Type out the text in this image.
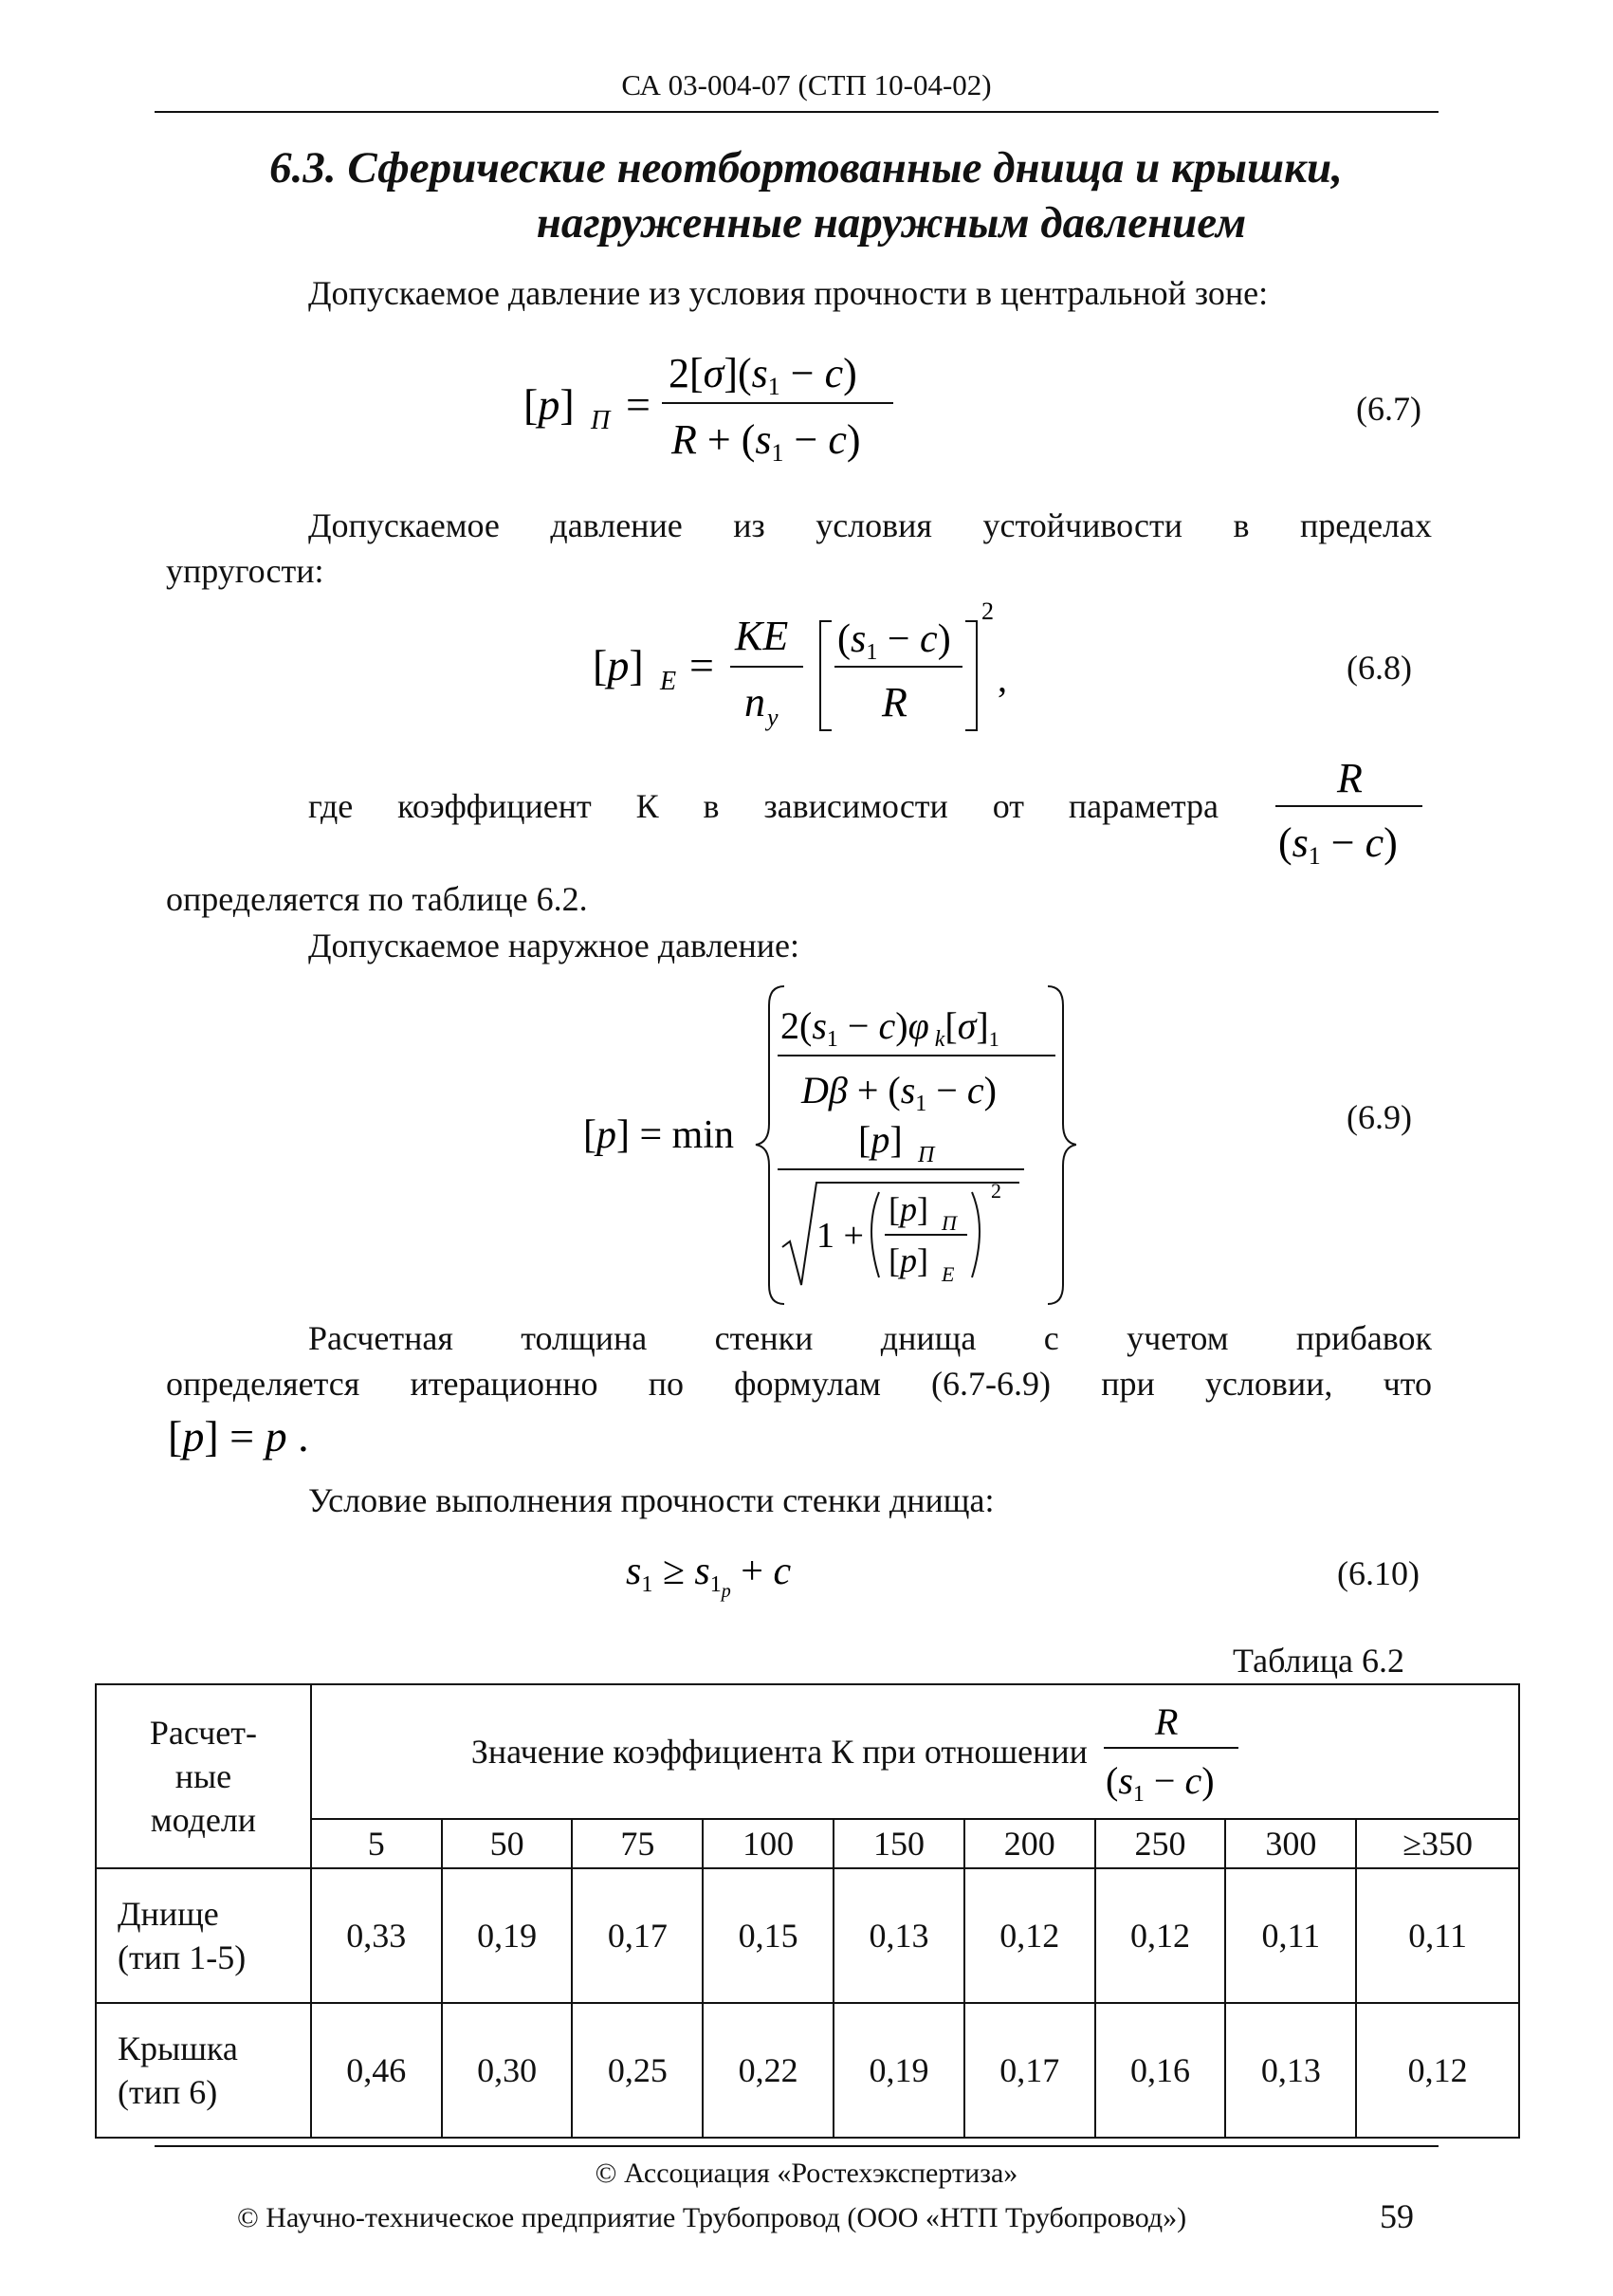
СА 03-004-07 (СТП 10-04-02)
6.3. Сферические неотбортованные днища и крышки,
нагруженные наружным давлением
Допускаемое давление из условия прочности в центральной зоне:
[p] П =
2[σ](s1 − c)
R + (s1 − c)
(6.7)
Допускаемое давление из условия устойчивости в пределах
упругости:
[p] E =
KE
n y
(s1 − c)
R
2
,	(6.8)
где коэффициент К в зависимости от параметра
R
(s1 − c)
определяется по таблице 6.2.
Допускаемое наружное давление:
[p] = min
$2(s_1 - c)\varphi$ $_k[\sigma]_1$
$D\beta + (s_1 - c)$
[p] П
1 +
[p] П
[p] E
2
(6.9)
Расчетная толщина стенки днища с учетом прибавок
определяется итерационно по формулам (6.7-6.9) при условии, что
[p] = p .
Условие выполнения прочности стенки днища:
s1 ≥ s1p + c	(6.10)
Таблица 6.2
Расчет-ные модели	Значение коэффициента К при отношении
R
$(s_1 - c)$								

	5	50	75	100	150	200	250	300	≥350
Днище (тип 1-5)	0,33	0,19	0,17	0,15	0,13	0,12	0,12	0,11	0,11
Крышка (тип 6)	0,46	0,30	0,25	0,22	0,19	0,17	0,16	0,13	0,12
© Ассоциация «Ростехэкспертиза»
© Научно-техническое предприятие Трубопровод (ООО «НТП Трубопровод»)	59
